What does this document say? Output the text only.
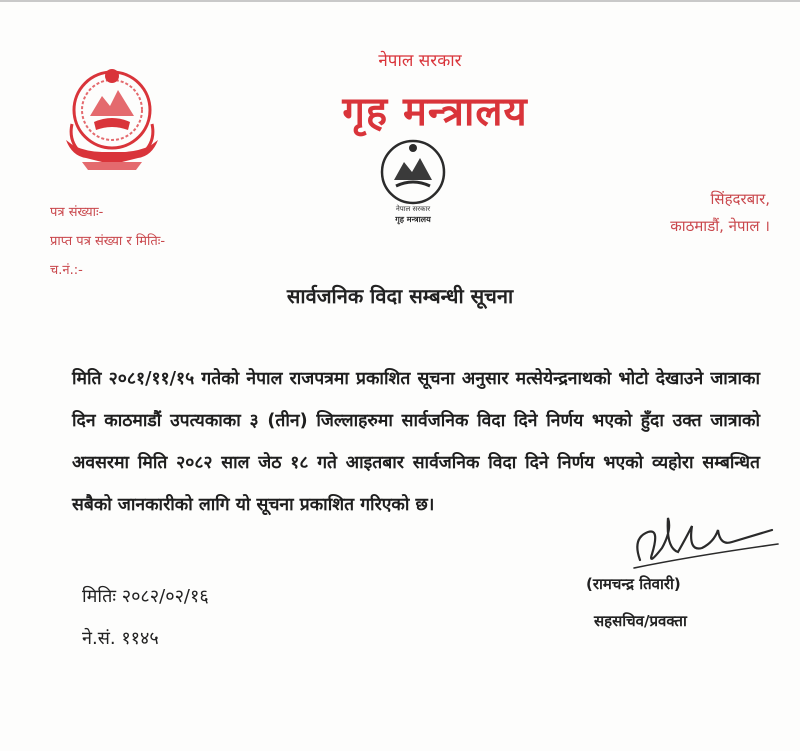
नेपाल सरकार
गृह मन्त्रालय
नेपाल सरकार
गृह मन्त्रालय
पत्र संख्याः-
प्राप्त पत्र संख्या र मितिः-
च.नं.:-
सिंहदरबार,
काठमाडौं, नेपाल ।
सार्वजनिक विदा सम्बन्धी सूचना
मिति २०८१/११/१५ गतेको नेपाल राजपत्रमा प्रकाशित सूचना अनुसार मत्सेयेन्द्रनाथको भोटो देखाउने जात्राका दिन काठमाडौं उपत्यकाका ३ (तीन) जिल्लाहरुमा सार्वजनिक विदा दिने निर्णय भएको हुँदा उक्त जात्राको अवसरमा मिति २०८२ साल जेठ १८ गते आइतबार सार्वजनिक विदा दिने निर्णय भएको व्यहोरा सम्बन्धित सबैको जानकारीको लागि यो सूचना प्रकाशित गरिएको छ।
मितिः २०८२/०२/१६
ने.सं. ११४५
(रामचन्द्र तिवारी)
सहसचिव/प्रवक्ता
